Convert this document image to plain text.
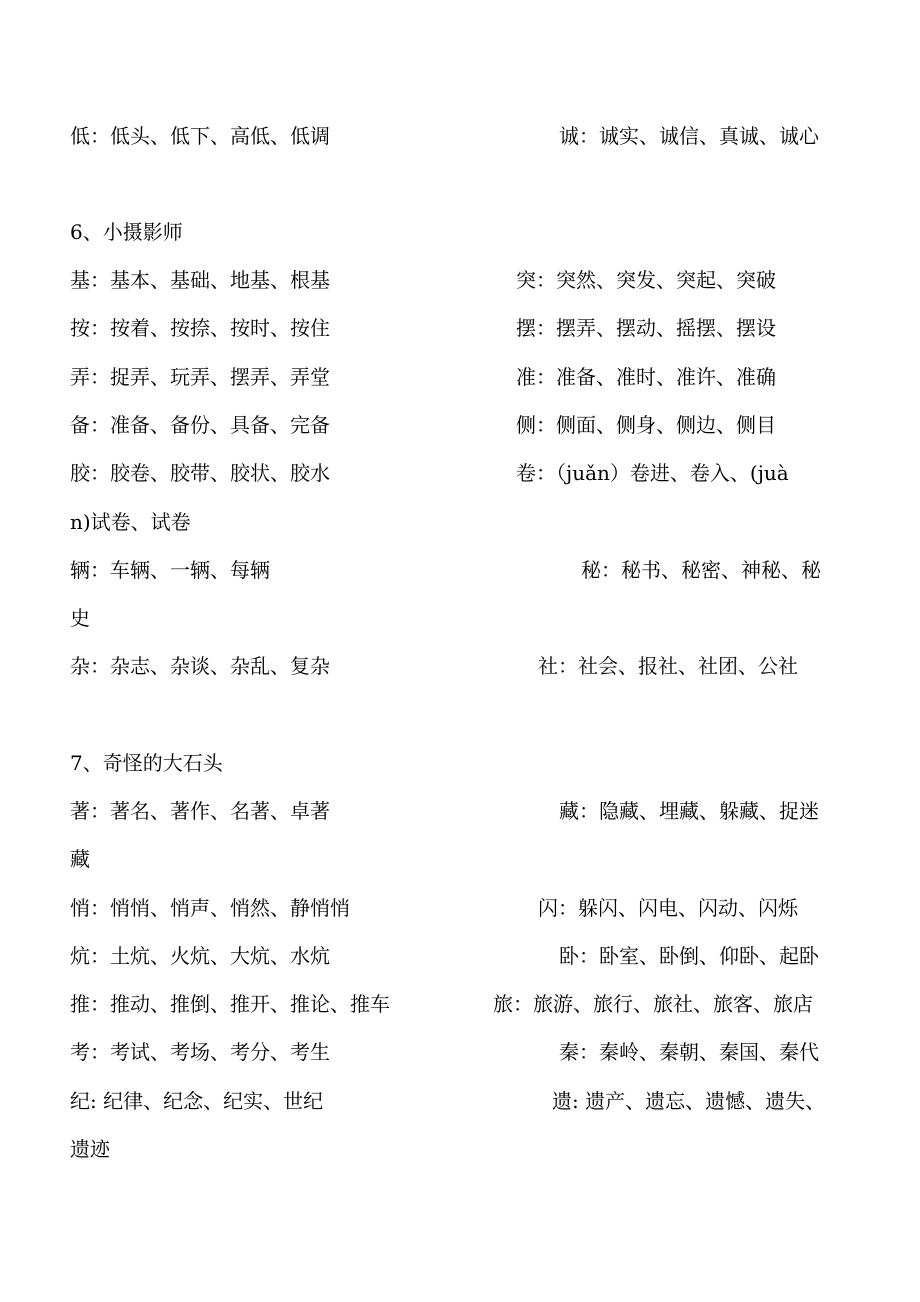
低：低头、低下、高低、低调	诚：诚实、诚信、真诚、诚心
6、小摄影师
基：基本、基础、地基、根基	突：突然、突发、突起、突破
按：按着、按捺、按时、按住	摆：摆弄、摆动、摇摆、摆设
弄：捉弄、玩弄、摆弄、弄堂	准：准备、准时、准许、准确
备：准备、备份、具备、完备	侧：侧面、侧身、侧边、侧目
胶：胶卷、胶带、胶状、胶水	卷：（juǎn）卷进、卷入、(juà
n)试卷、试卷
辆：车辆、一辆、每辆	秘：秘书、秘密、神秘、秘
史
杂：杂志、杂谈、杂乱、复杂	社：社会、报社、社团、公社
7、奇怪的大石头
著：著名、著作、名著、卓著	藏：隐藏、埋藏、躲藏、捉迷
藏
悄：悄悄、悄声、悄然、静悄悄	闪：躲闪、闪电、闪动、闪烁
炕：土炕、火炕、大炕、水炕	卧：卧室、卧倒、仰卧、起卧
推：推动、推倒、推开、推论、推车	旅：旅游、旅行、旅社、旅客、旅店
考：考试、考场、考分、考生	秦：秦岭、秦朝、秦国、秦代
纪: 纪律、纪念、纪实、世纪	遗: 遗产、遗忘、遗憾、遗失、
遗迹
